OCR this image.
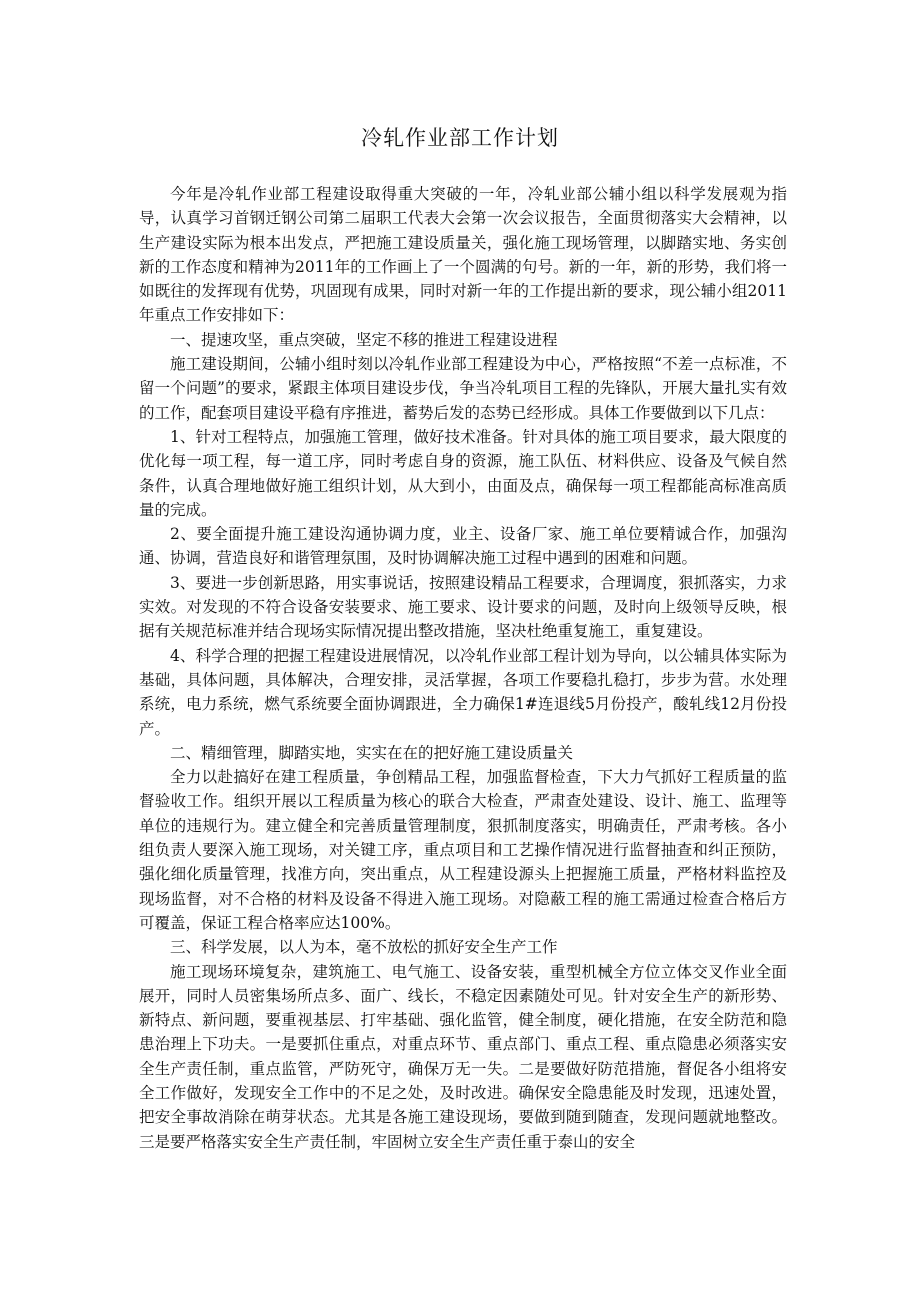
冷轧作业部工作计划

今年是冷轧作业部工程建设取得重大突破的一年，冷轧业部公辅小组以科学发展观为指导，认真学习首钢迁钢公司第二届职工代表大会第一次会议报告，全面贯彻落实大会精神，以生产建设实际为根本出发点，严把施工建设质量关，强化施工现场管理，以脚踏实地、务实创新的工作态度和精神为2011年的工作画上了一个圆满的句号。新的一年，新的形势，我们将一如既往的发挥现有优势，巩固现有成果，同时对新一年的工作提出新的要求，现公辅小组2011年重点工作安排如下：

一、提速攻坚，重点突破，坚定不移的推进工程建设进程

施工建设期间，公辅小组时刻以冷轧作业部工程建设为中心，严格按照“不差一点标准，不留一个问题”的要求，紧跟主体项目建设步伐，争当冷轧项目工程的先锋队，开展大量扎实有效的工作，配套项目建设平稳有序推进，蓄势后发的态势已经形成。具体工作要做到以下几点：

1、针对工程特点，加强施工管理，做好技术准备。针对具体的施工项目要求，最大限度的优化每一项工程，每一道工序，同时考虑自身的资源，施工队伍、材料供应、设备及气候自然条件，认真合理地做好施工组织计划，从大到小，由面及点，确保每一项工程都能高标准高质量的完成。

2、要全面提升施工建设沟通协调力度，业主、设备厂家、施工单位要精诚合作，加强沟通、协调，营造良好和谐管理氛围，及时协调解决施工过程中遇到的困难和问题。

3、要进一步创新思路，用实事说话，按照建设精品工程要求，合理调度，狠抓落实，力求实效。对发现的不符合设备安装要求、施工要求、设计要求的问题，及时向上级领导反映，根据有关规范标准并结合现场实际情况提出整改措施，坚决杜绝重复施工，重复建设。

4、科学合理的把握工程建设进展情况，以冷轧作业部工程计划为导向，以公辅具体实际为基础，具体问题，具体解决，合理安排，灵活掌握，各项工作要稳扎稳打，步步为营。水处理系统，电力系统，燃气系统要全面协调跟进，全力确保1#连退线5月份投产，酸轧线12月份投产。

二、精细管理，脚踏实地，实实在在的把好施工建设质量关

全力以赴搞好在建工程质量，争创精品工程，加强监督检查，下大力气抓好工程质量的监督验收工作。组织开展以工程质量为核心的联合大检查，严肃查处建设、设计、施工、监理等单位的违规行为。建立健全和完善质量管理制度，狠抓制度落实，明确责任，严肃考核。各小组负责人要深入施工现场，对关键工序，重点项目和工艺操作情况进行监督抽查和纠正预防，强化细化质量管理，找准方向，突出重点，从工程建设源头上把握施工质量，严格材料监控及现场监督，对不合格的材料及设备不得进入施工现场。对隐蔽工程的施工需通过检查合格后方可覆盖，保证工程合格率应达100%。

三、科学发展，以人为本，毫不放松的抓好安全生产工作

施工现场环境复杂，建筑施工、电气施工、设备安装，重型机械全方位立体交叉作业全面展开，同时人员密集场所点多、面广、线长，不稳定因素随处可见。针对安全生产的新形势、新特点、新问题，要重视基层、打牢基础、强化监管，健全制度，硬化措施，在安全防范和隐患治理上下功夫。一是要抓住重点，对重点环节、重点部门、重点工程、重点隐患必须落实安全生产责任制，重点监管，严防死守，确保万无一失。二是要做好防范措施，督促各小组将安全工作做好，发现安全工作中的不足之处，及时改进。确保安全隐患能及时发现，迅速处置，把安全事故消除在萌芽状态。尤其是各施工建设现场，要做到随到随查，发现问题就地整改。三是要严格落实安全生产责任制，牢固树立安全生产责任重于泰山的安全
